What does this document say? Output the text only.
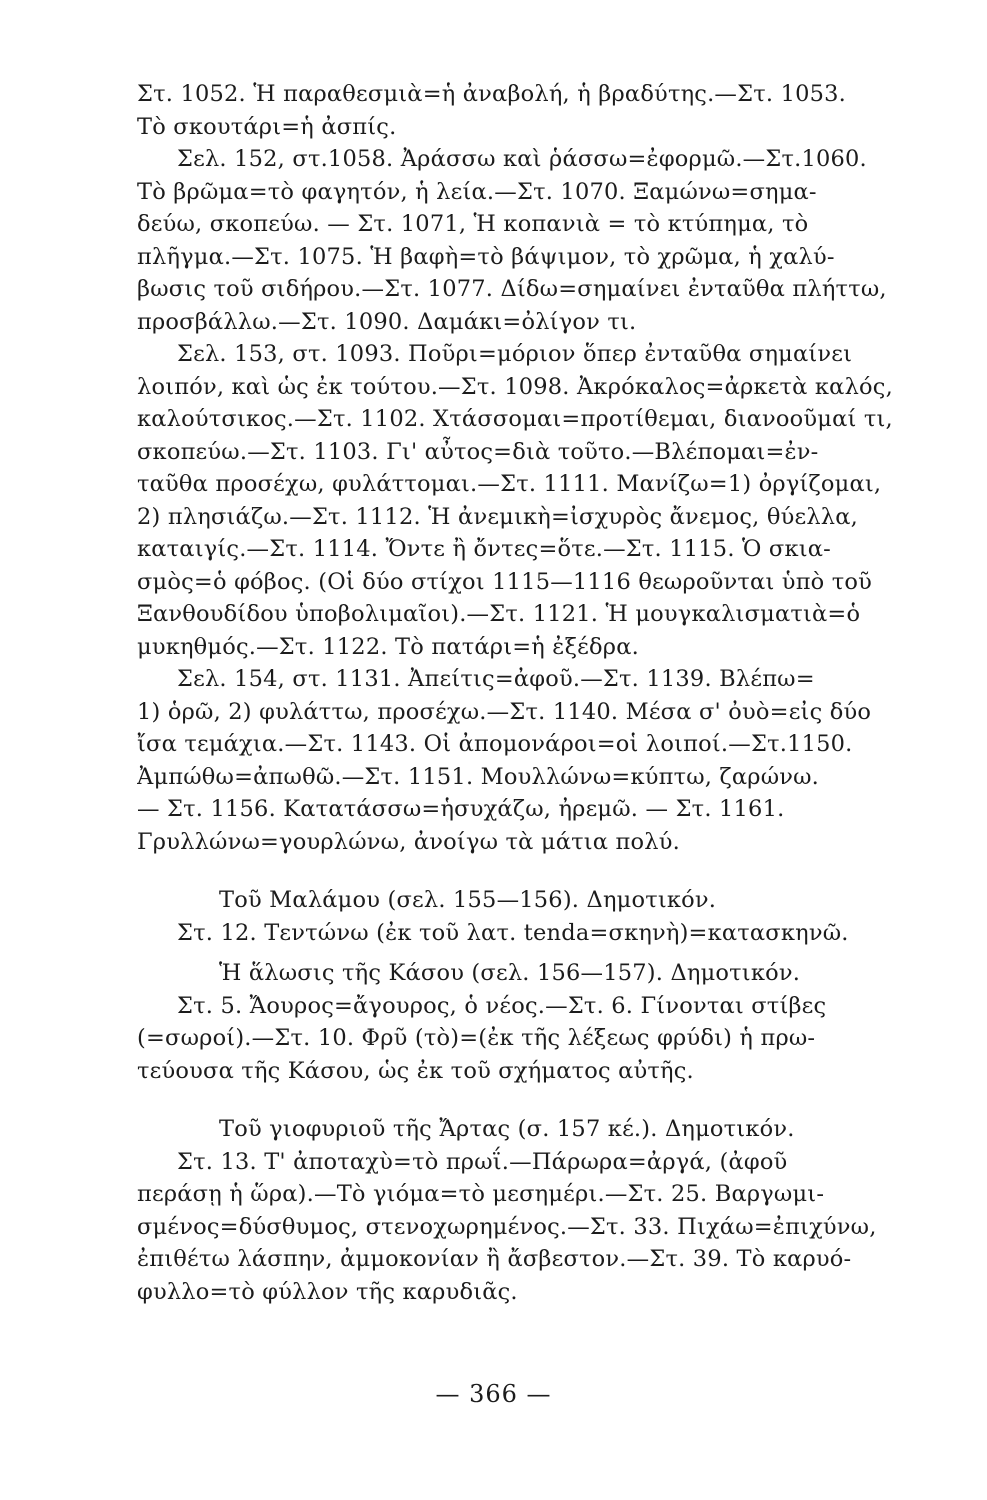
Στ. 1052. Ἡ παραθεσμιὰ=ἡ ἀναβολή, ἡ βραδύτης.—Στ. 1053.
Τὸ σκουτάρι=ἡ ἀσπίς.
Σελ. 152, στ.1058. Ἀράσσω καὶ ῥάσσω=ἐφορμῶ.—Στ.1060.
Τὸ βρῶμα=τὸ φαγητόν, ἡ λεία.—Στ. 1070. Ξαμώνω=σημα-
δεύω, σκοπεύω. — Στ. 1071, Ἡ κοπανιὰ = τὸ κτύπημα, τὸ
πλῆγμα.—Στ. 1075. Ἡ βαφὴ=τὸ βάψιμον, τὸ χρῶμα, ἡ χαλύ-
βωσις τοῦ σιδήρου.—Στ. 1077. Δίδω=σημαίνει ἐνταῦθα πλήττω,
προσβάλλω.—Στ. 1090. Δαμάκι=ὀλίγον τι.
Σελ. 153, στ. 1093. Ποῦρι=μόριον ὅπερ ἐνταῦθα σημαίνει
λοιπόν, καὶ ὡς ἐκ τούτου.—Στ. 1098. Ἀκρόκαλος=ἀρκετὰ καλός,
καλούτσικος.—Στ. 1102. Χτάσσομαι=προτίθεμαι, διανοοῦμαί τι,
σκοπεύω.—Στ. 1103. Γι' αὖτος=διὰ τοῦτο.—Βλέπομαι=ἐν-
ταῦθα προσέχω, φυλάττομαι.—Στ. 1111. Μανίζω=1) ὀργίζομαι,
2) πλησιάζω.—Στ. 1112. Ἡ ἀνεμικὴ=ἰσχυρὸς ἄνεμος, θύελλα,
καταιγίς.—Στ. 1114. Ὄντε ἢ ὄντες=ὅτε.—Στ. 1115. Ὁ σκια-
σμὸς=ὁ φόβος. (Οἱ δύο στίχοι 1115—1116 θεωροῦνται ὑπὸ τοῦ
Ξανθουδίδου ὑποβολιμαῖοι).—Στ. 1121. Ἡ μουγκαλισματιὰ=ὁ
μυκηθμός.—Στ. 1122. Τὸ πατάρι=ἡ ἐξέδρα.
Σελ. 154, στ. 1131. Ἀπείτις=ἀφοῦ.—Στ. 1139. Βλέπω=
1) ὁρῶ, 2) φυλάττω, προσέχω.—Στ. 1140. Μέσα σ' ὀυὸ=εἰς δύο
ἴσα τεμάχια.—Στ. 1143. Οἱ ἀπομονάροι=οἱ λοιποί.—Στ.1150.
Ἀμπώθω=ἀπωθῶ.—Στ. 1151. Μουλλώνω=κύπτω, ζαρώνω.
— Στ. 1156. Κατατάσσω=ἡσυχάζω, ἠρεμῶ. — Στ. 1161.
Γρυλλώνω=γουρλώνω, ἀνοίγω τὰ μάτια πολύ.
Τοῦ Μαλάμου (σελ. 155—156). Δημοτικόν.
Στ. 12. Τεντώνω (ἐκ τοῦ λατ. tenda=σκηνὴ)=κατασκηνῶ.
Ἡ ἅλωσις τῆς Κάσου (σελ. 156—157). Δημοτικόν.
Στ. 5. Ἄουρος=ἄγουρος, ὁ νέος.—Στ. 6. Γίνονται στίβες
(=σωροί).—Στ. 10. Φρῦ (τὸ)=(ἐκ τῆς λέξεως φρύδι) ἡ πρω-
τεύουσα τῆς Κάσου, ὡς ἐκ τοῦ σχήματος αὐτῆς.
Τοῦ γιοφυριοῦ τῆς Ἄρτας (σ. 157 κέ.). Δημοτικόν.
Στ. 13. Τ' ἀποταχὺ=τὸ πρωΐ.—Πάρωρα=ἀργά, (ἀφοῦ
περάσῃ ἡ ὥρα).—Τὸ γιόμα=τὸ μεσημέρι.—Στ. 25. Βαργωμι-
σμένος=δύσθυμος, στενοχωρημένος.—Στ. 33. Πιχάω=ἐπιχύνω,
ἐπιθέτω λάσπην, ἀμμοκονίαν ἢ ἄσβεστον.—Στ. 39. Τὸ καρυό-
φυλλο=τὸ φύλλον τῆς καρυδιᾶς.
— 366 —
